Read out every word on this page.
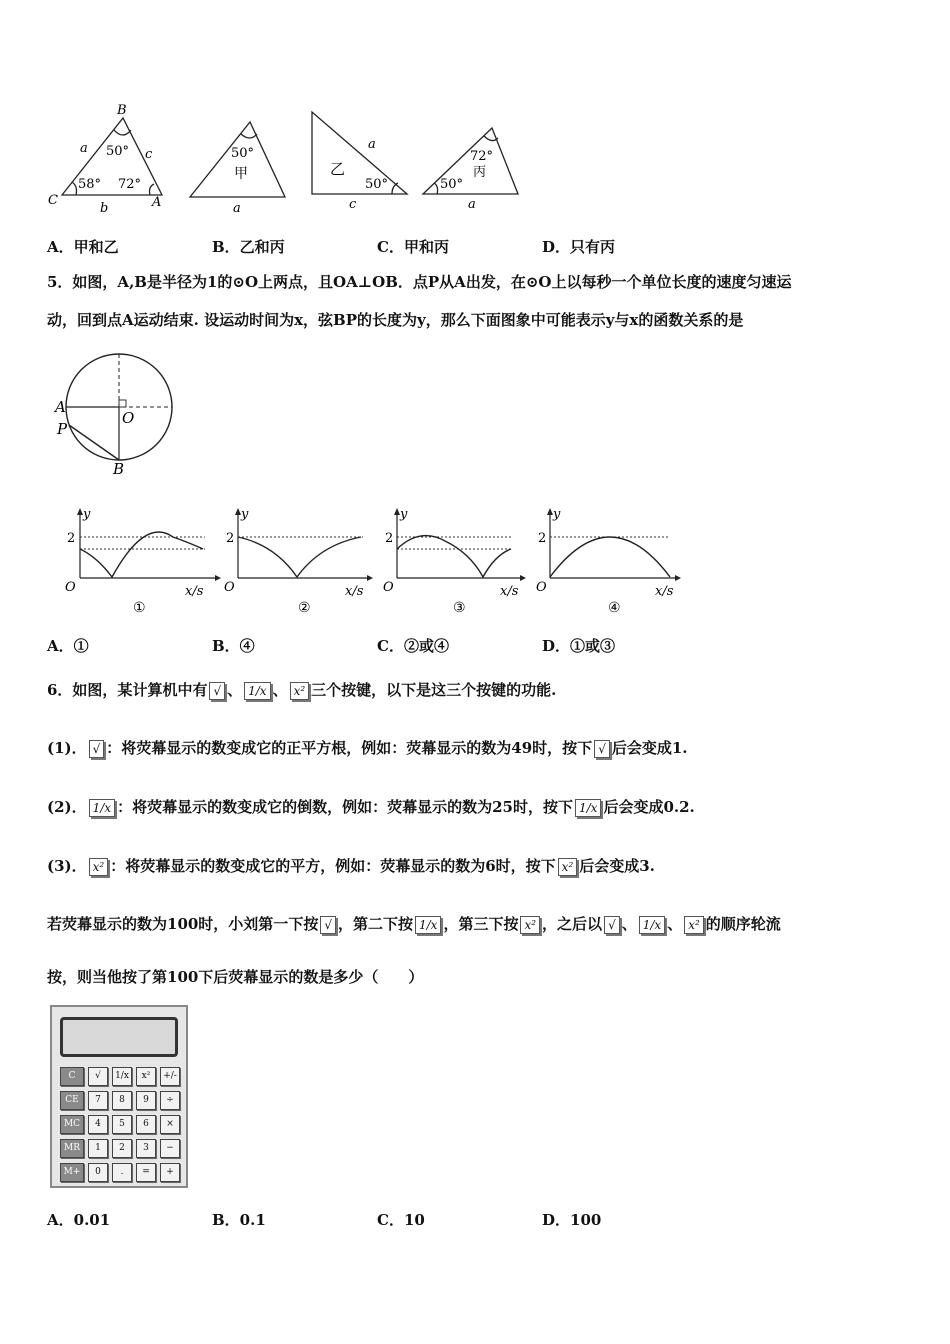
B
C	A
a	c
b
50°
58° 72°
50°
甲
a
乙
50°
a
c
72°
丙
50°
a
A．甲和乙	B．乙和丙	C．甲和丙	D．只有丙
5．如图，A,B是半径为1的⊙O上两点，且OA⊥OB．点P从A出发，在⊙O上以每秒一个单位长度的速度匀速运
动，回到点A运动结束. 设运动时间为x，弦BP的长度为y，那么下面图象中可能表示y与x的函数关系的是
A
P
O
B
y
2
O	x/s
①
y
2
O	x/s
②
y
2
O	x/s
③
y
2
O	x/s
④
A．①	B．④	C．②或④	D．①或③
6．如图，某计算机中有 √ 、 1/x 、 x² 三个按键，以下是这三个按键的功能.
(1)． √ ：将荧幕显示的数变成它的正平方根，例如：荧幕显示的数为49时，按下 √ 后会变成1.
(2)． 1/x ：将荧幕显示的数变成它的倒数，例如：荧幕显示的数为25时，按下 1/x 后会变成0.2.
(3)． x² ：将荧幕显示的数变成它的平方，例如：荧幕显示的数为6时，按下 x² 后会变成3.
若荧幕显示的数为100时，小刘第一下按 √ ，第二下按 1/x ，第三下按 x² ，之后以 √ 、 1/x 、 x² 的顺序轮流
按，则当他按了第100下后荧幕显示的数是多少（　　）
C	√	1/x	x²	+/-
CE	7	8	9	÷
MC	4	5	6	×
MR	1	2	3	−
M+	0	.	=	+
A．0.01	B．0.1	C．10	D．100
